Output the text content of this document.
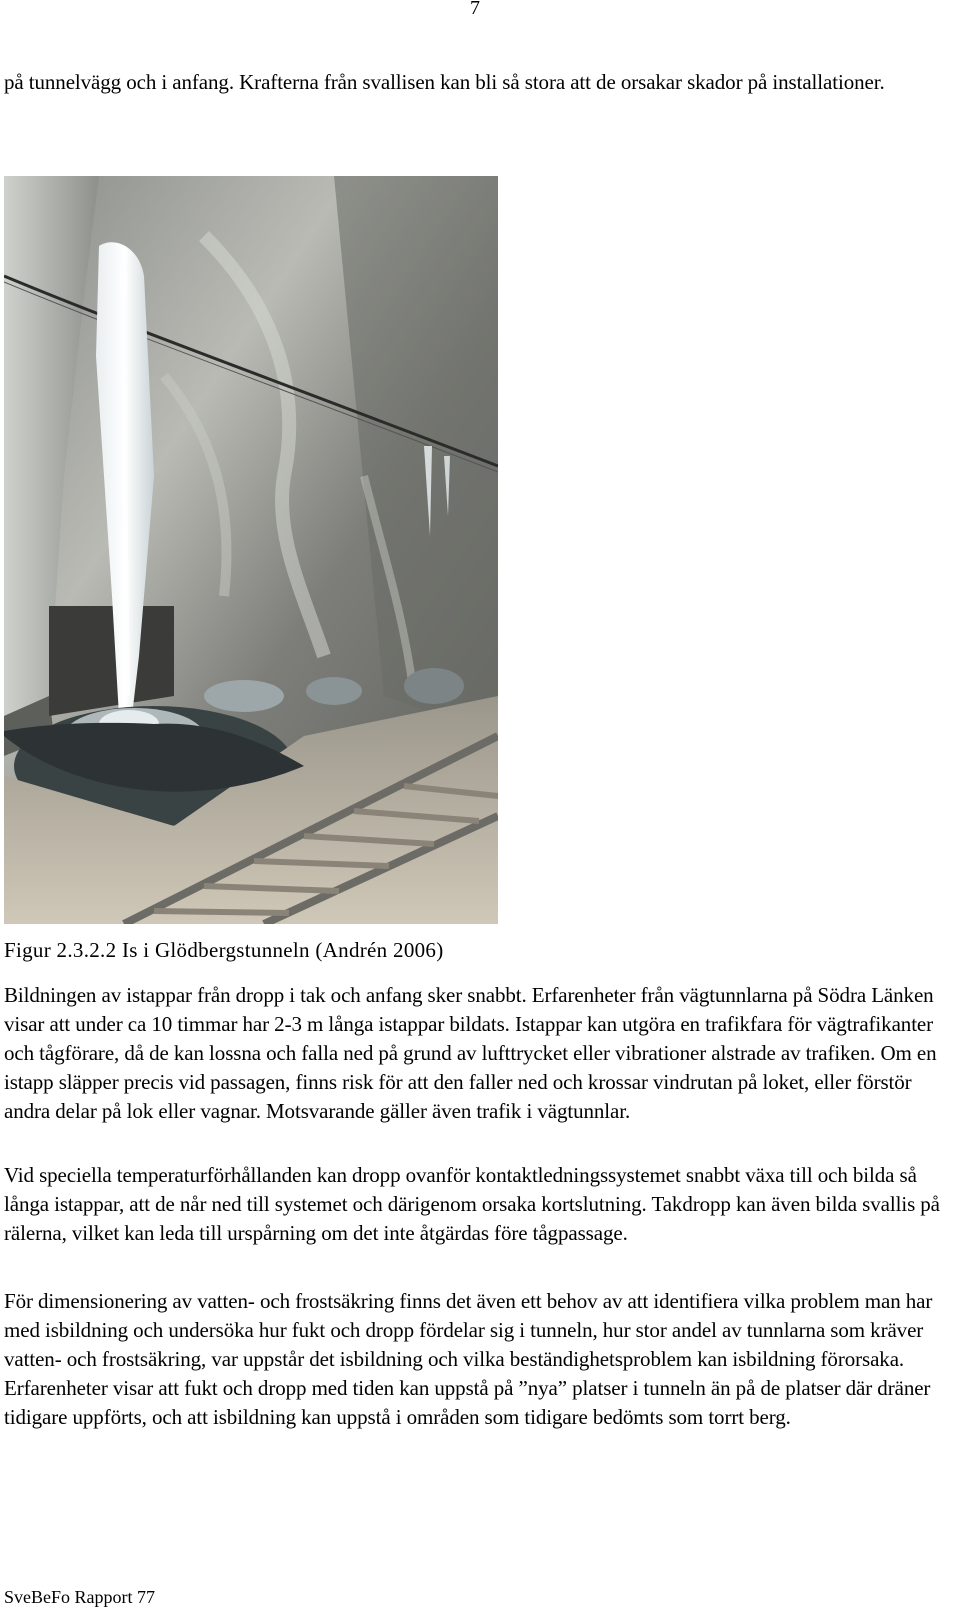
7

på tunnelvägg och i anfang. Krafterna från svallisen kan bli så stora att de orsakar skador på installationer.

Figur 2.3.2.2 Is i Glödbergstunneln (Andrén 2006)

Bildningen av istappar från dropp i tak och anfang sker snabbt. Erfarenheter från vägtunnlarna på Södra Länken visar att under ca 10 timmar har 2-3 m långa istappar bildats. Istappar kan utgöra en trafikfara för vägtrafikanter och tågförare, då de kan lossna och falla ned på grund av lufttrycket eller vibrationer alstrade av trafiken. Om en istapp släpper precis vid passagen, finns risk för att den faller ned och krossar vindrutan på loket, eller förstör andra delar på lok eller vagnar. Motsvarande gäller även trafik i vägtunnlar.

Vid speciella temperaturförhållanden kan dropp ovanför kontaktledningssystemet snabbt växa till och bilda så långa istappar, att de når ned till systemet och därigenom orsaka kortslutning. Takdropp kan även bilda svallis på rälerna, vilket kan leda till urspårning om det inte åtgärdas före tågpassage.

För dimensionering av vatten- och frostsäkring finns det även ett behov av att identifiera vilka problem man har med isbildning och undersöka hur fukt och dropp fördelar sig i tunneln, hur stor andel av tunnlarna som kräver vatten- och frostsäkring, var uppstår det isbildning och vilka beständighetsproblem kan isbildning förorsaka. Erfarenheter visar att fukt och dropp med tiden kan uppstå på ”nya” platser i tunneln än på de platser där dräner tidigare uppförts, och att isbildning kan uppstå i områden som tidigare bedömts som torrt berg.

SveBeFo Rapport 77
